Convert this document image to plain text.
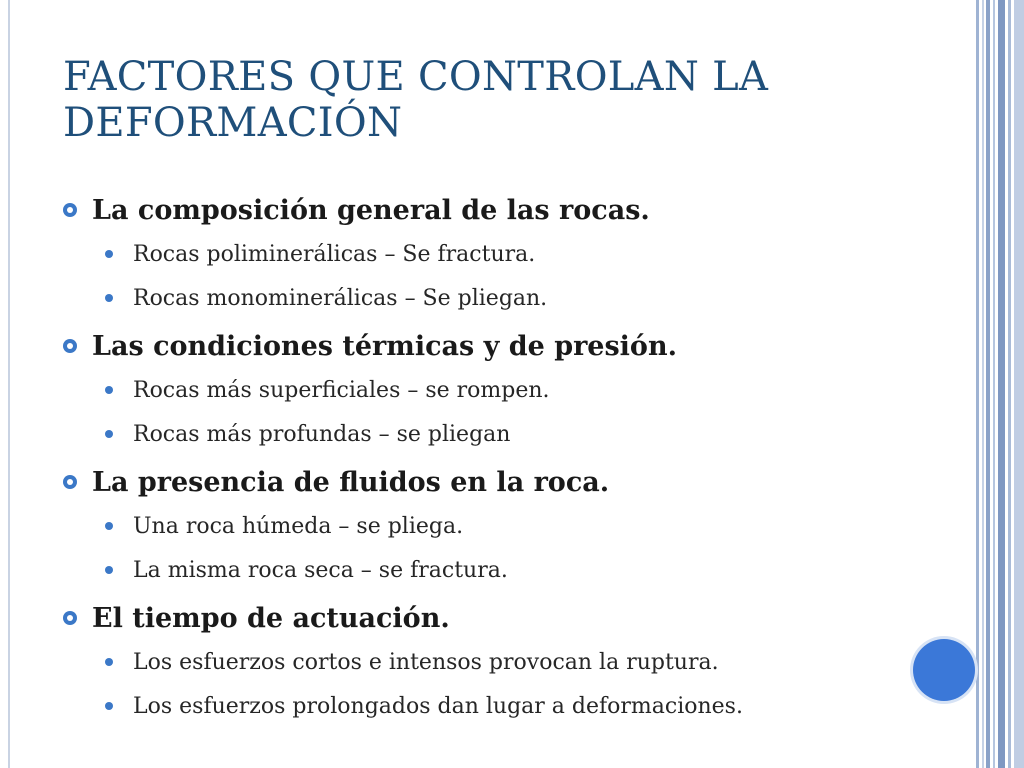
FACTORES QUE CONTROLAN LA
DEFORMACIÓN
La composición general de las rocas.
Rocas poliminerálicas – Se fractura.
Rocas monominerálicas – Se pliegan.
Las condiciones térmicas y de presión.
Rocas más superficiales – se rompen.
Rocas más profundas – se pliegan
La presencia de fluidos en la roca.
Una roca húmeda – se pliega.
La misma roca seca – se fractura.
El tiempo de actuación.
Los esfuerzos cortos e intensos provocan la ruptura.
Los esfuerzos prolongados dan lugar a deformaciones.
